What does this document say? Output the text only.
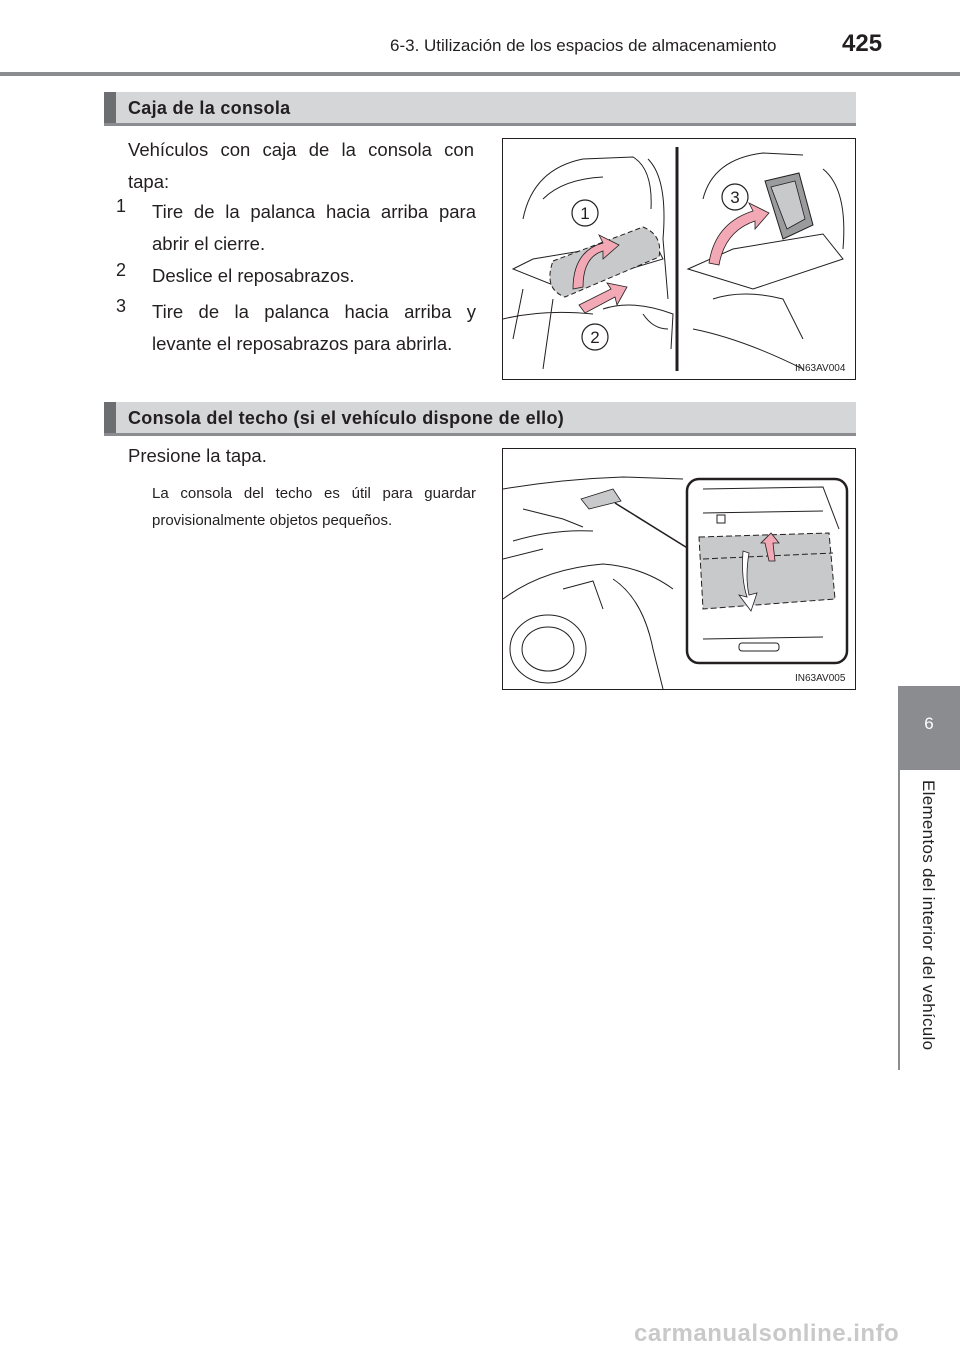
6-3. Utilización de los espacios de almacenamiento	425
Caja de la consola
Vehículos con caja de la consola con tapa:
1	Tire de la palanca hacia arriba para abrir el cierre.
2	Deslice el reposabrazos.
3	Tire de la palanca hacia arriba y levante el reposabrazos para abrirla.
1
2
3
IN63AV004
Consola del techo (si el vehículo dispone de ello)
Presione la tapa.
La consola del techo es útil para guardar provisionalmente objetos pequeños.
IN63AV005
6
Elementos del interior del vehículo
carmanualsonline.info
